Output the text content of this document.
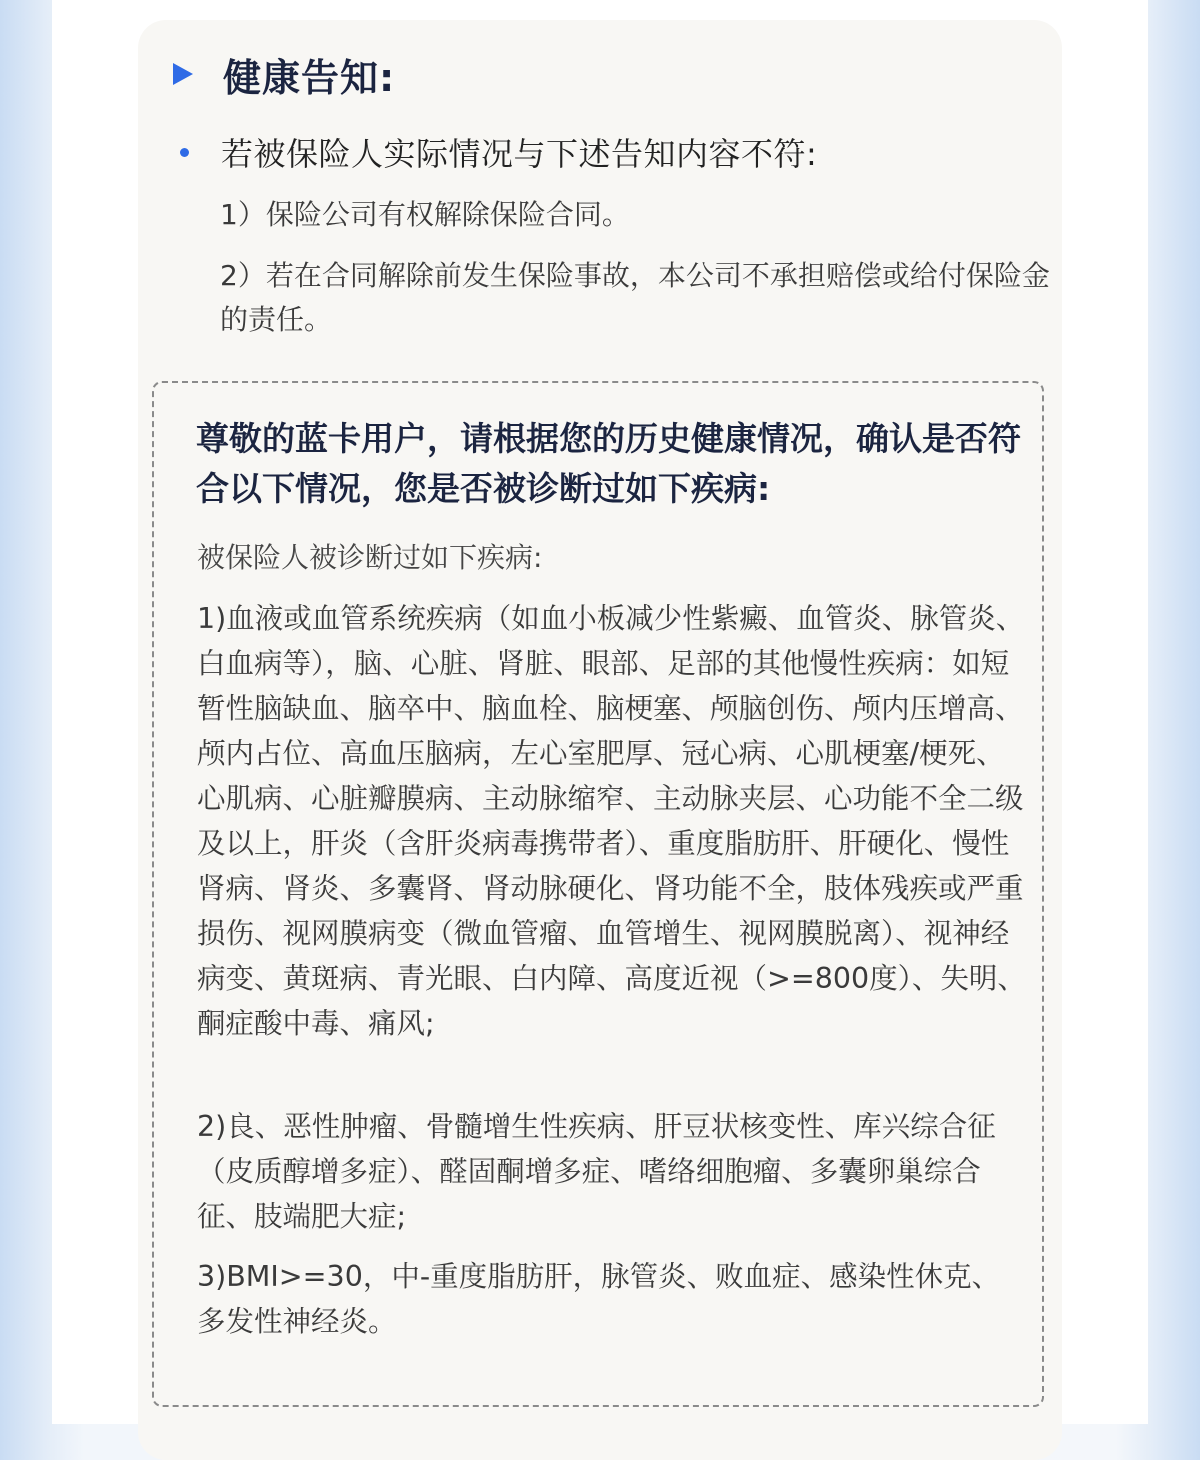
健康告知:
若被保险人实际情况与下述告知内容不符:
1）保险公司有权解除保险合同。
2）若在合同解除前发生保险事故，本公司不承担赔偿或给付保险金的责任。
尊敬的蓝卡用户，请根据您的历史健康情况，确认是否符合以下情况，您是否被诊断过如下疾病:
被保险人被诊断过如下疾病:
1)血液或血管系统疾病（如血小板减少性紫癜、血管炎、脉管炎、白血病等），脑、心脏、肾脏、眼部、足部的其他慢性疾病：如短暂性脑缺血、脑卒中、脑血栓、脑梗塞、颅脑创伤、颅内压增高、颅内占位、高血压脑病，左心室肥厚、冠心病、心肌梗塞/梗死、心肌病、心脏瓣膜病、主动脉缩窄、主动脉夹层、心功能不全二级及以上，肝炎（含肝炎病毒携带者）、重度脂肪肝、肝硬化、慢性肾病、肾炎、多囊肾、肾动脉硬化、肾功能不全，肢体残疾或严重损伤、视网膜病变（微血管瘤、血管增生、视网膜脱离）、视神经病变、黄斑病、青光眼、白内障、高度近视（>=800度）、失明、酮症酸中毒、痛风;
2)良、恶性肿瘤、骨髓增生性疾病、肝豆状核变性、库兴综合征（皮质醇增多症）、醛固酮增多症、嗜络细胞瘤、多囊卵巢综合征、肢端肥大症;
3)BMI>=30，中-重度脂肪肝，脉管炎、败血症、感染性休克、多发性神经炎。
